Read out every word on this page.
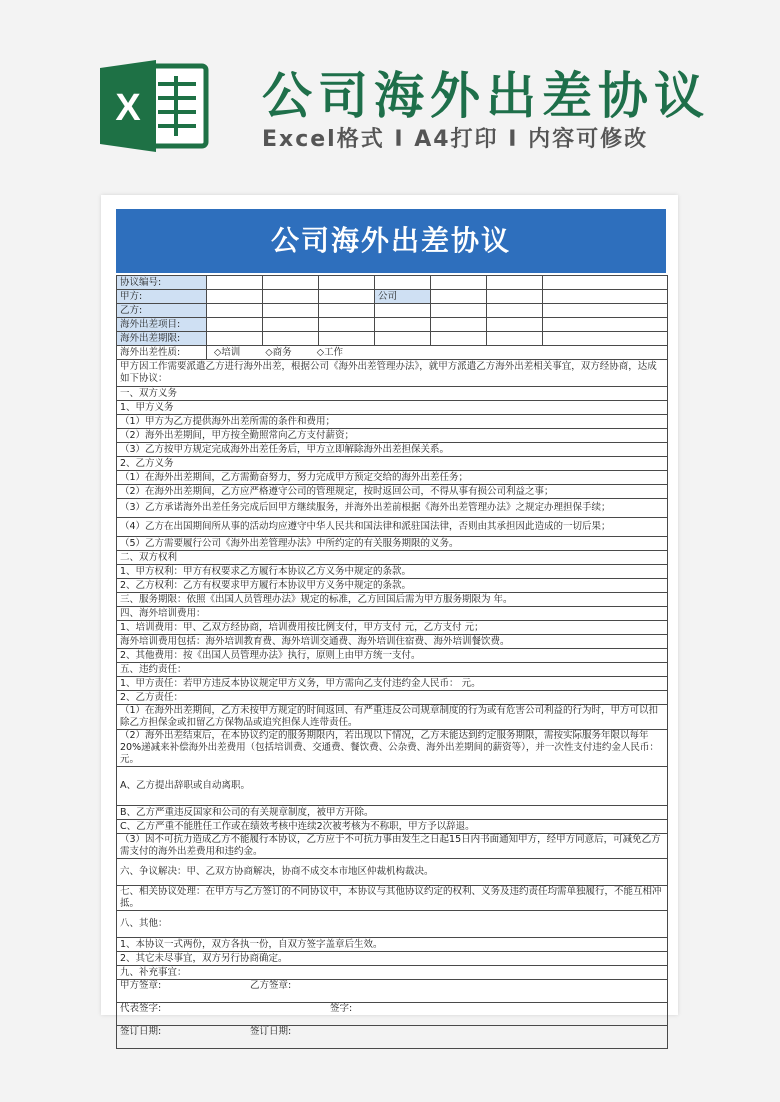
X 公司海外出差协议
Excel格式 Ι A4打印 Ι 内容可修改
公司海外出差协议
协议编号:							
甲方:				公司			
乙方:							
海外出差项目:							
海外出差期限:							
海外出差性质:	◇培训 ◇商务 ◇工作						
甲方因工作需要派遣乙方进行海外出差，根据公司《海外出差管理办法》，就甲方派遣乙方海外出差相关事宜，双方经协商，达成如下协议：							
一、双方义务							
1、甲方义务							
（1）甲方为乙方提供海外出差所需的条件和费用；							
（2）海外出差期间，甲方按全勤照常向乙方支付薪资；							
（3）乙方按甲方规定完成海外出差任务后，甲方立即解除海外出差担保关系。							
2、乙方义务							
（1）在海外出差期间，乙方需勤奋努力，努力完成甲方预定交给的海外出差任务；							
（2）在海外出差期间，乙方应严格遵守公司的管理规定，按时返回公司，不得从事有损公司利益之事；							
（3）乙方承诺海外出差任务完成后回甲方继续服务，并海外出差前根据《海外出差管理办法》之规定办理担保手续；							
（4）乙方在出国期间所从事的活动均应遵守中华人民共和国法律和派驻国法律，否则由其承担因此造成的一切后果；							
（5）乙方需要履行公司《海外出差管理办法》中所约定的有关服务期限的义务。							
二、双方权利							
1、甲方权利：甲方有权要求乙方履行本协议乙方义务中规定的条款。							
2、乙方权利：乙方有权要求甲方履行本协议甲方义务中规定的条款。							
三、服务期限：依照《出国人员管理办法》规定的标准，乙方回国后需为甲方服务期限为 年。							
四、海外培训费用：							
1、培训费用：甲、乙双方经协商，培训费用按比例支付，甲方支付 元，乙方支付 元；							
海外培训费用包括：海外培训教育费、海外培训交通费、海外培训住宿费、海外培训餐饮费。							
2、其他费用：按《出国人员管理办法》执行，原则上由甲方统一支付。							
五、违约责任：							
1、甲方责任：若甲方违反本协议规定甲方义务，甲方需向乙支付违约金人民币： 元。							
2、乙方责任：							
（1）在海外出差期间，乙方未按甲方规定的时间返回、有严重违反公司规章制度的行为或有危害公司利益的行为时，甲方可以扣除乙方担保金或扣留乙方保物品或追究担保人连带责任。							
（2）海外出差结束后，在本协议约定的服务期限内，若出现以下情况，乙方未能达到约定服务期限，需按实际服务年限以每年20%递减来补偿海外出差费用（包括培训费、交通费、餐饮费、公杂费、海外出差期间的薪资等），并一次性支付违约金人民币： 元。							
A、乙方提出辞职或自动离职。							
B、乙方严重违反国家和公司的有关规章制度，被甲方开除。							
C、乙方严重不能胜任工作或在绩效考核中连续2次被考核为不称职，甲方予以辞退。							
（3）因不可抗力造成乙方不能履行本协议，乙方应于不可抗力事由发生之日起15日内书面通知甲方，经甲方同意后，可减免乙方需支付的海外出差费用和违约金。							
六、争议解决：甲、乙双方协商解决，协商不成交本市地区仲裁机构裁决。							
七、相关协议处理：在甲方与乙方签订的不同协议中，本协议与其他协议约定的权利、义务及违约责任均需单独履行，不能互相冲抵。							
八、其他：							
1、本协议一式两份，双方各执一份，自双方签字盖章后生效。							
2、其它未尽事宜，双方另行协商确定。							
九、补充事宜：							
甲方签章: 乙方签章:							
代表签字: 签字:							
签订日期: 签订日期:							
